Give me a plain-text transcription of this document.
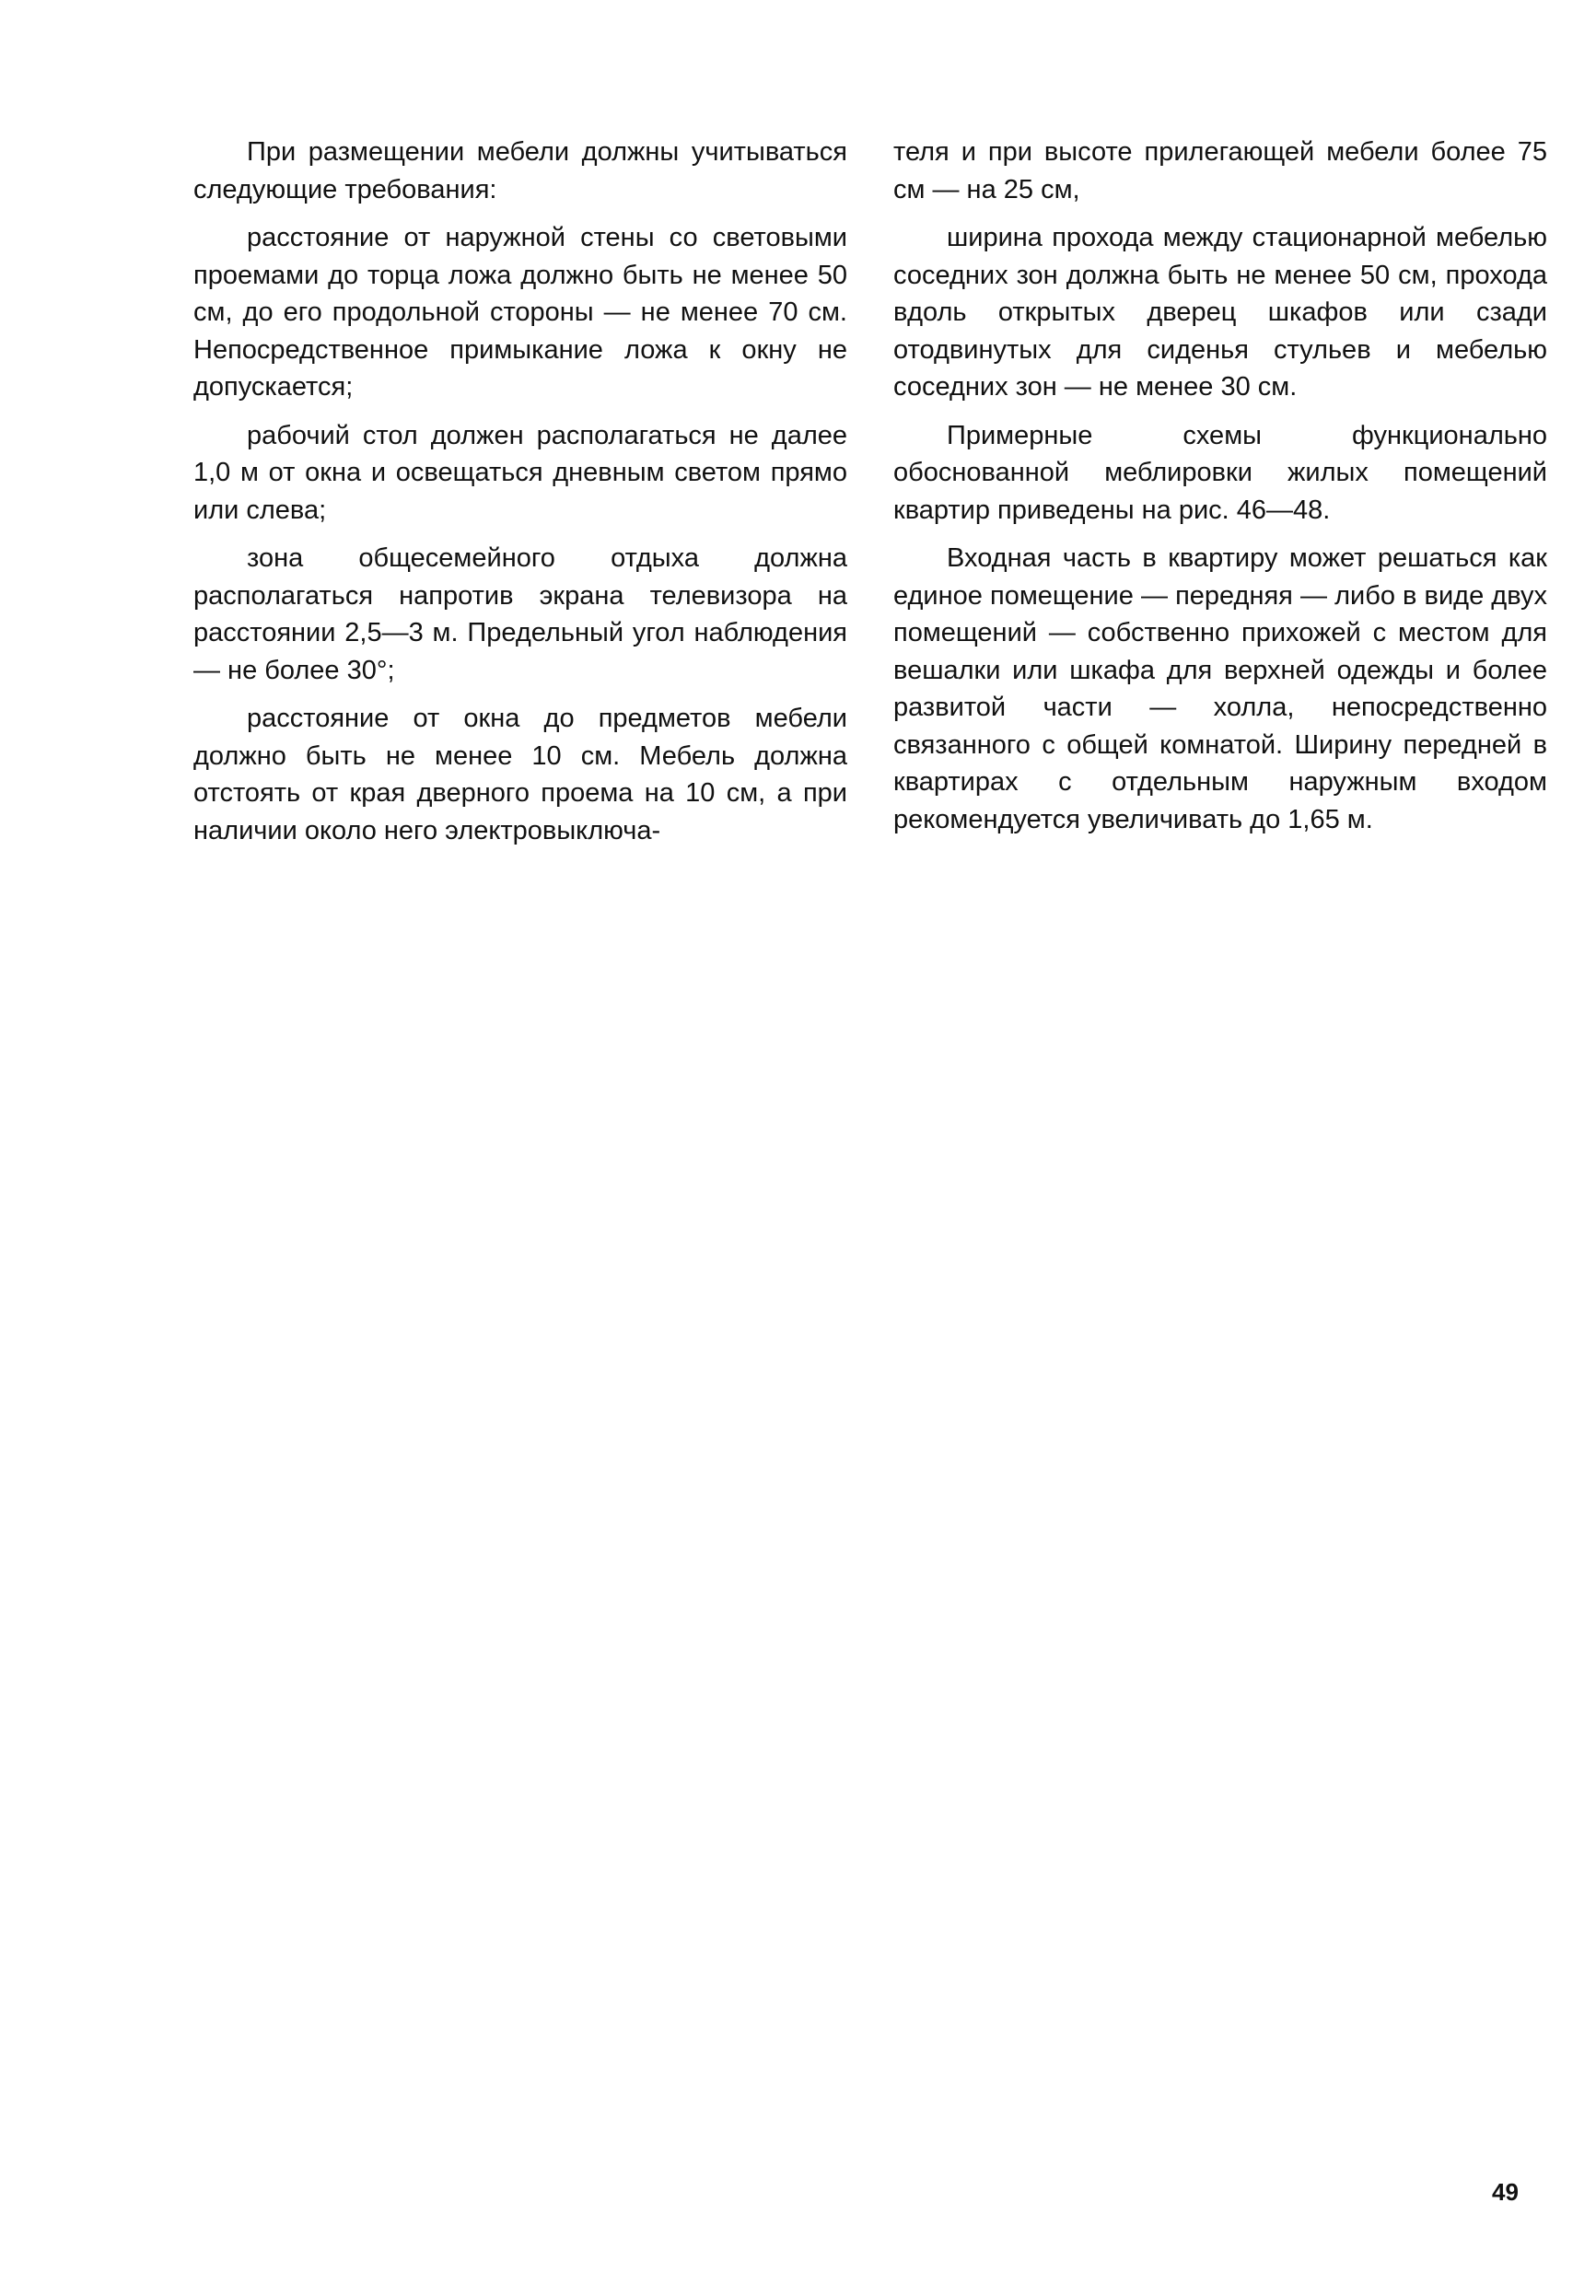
При размещении мебели должны учитываться следующие требования:

расстояние от наружной стены со световыми проемами до торца ложа должно быть не менее 50 см, до его продольной стороны — не менее 70 см. Непосредственное примыкание ложа к окну не допускается;

рабочий стол должен располагаться не далее 1,0 м от окна и освещаться дневным светом прямо или слева;

зона общесемейного отдыха должна располагаться напротив экрана телевизора на расстоянии 2,5—3 м. Предельный угол наблюдения — не более 30°;

расстояние от окна до предметов мебели должно быть не менее 10 см. Мебель должна отстоять от края дверного проема на 10 см, а при наличии около него электровыключа-

теля и при высоте прилегающей мебели более 75 см — на 25 см,

ширина прохода между стационарной мебелью соседних зон должна быть не менее 50 см, прохода вдоль открытых дверец шкафов или сзади отодвинутых для сиденья стульев и мебелью соседних зон — не менее 30 см.

Примерные схемы функционально обоснованной меблировки жилых помещений квартир приведены на рис. 46—48.

Входная часть в квартиру может решаться как единое помещение — передняя — либо в виде двух помещений — собственно прихожей с местом для вешалки или шкафа для верхней одежды и более развитой части — холла, непосредственно связанного с общей комнатой. Ширину передней в квартирах с отдельным наружным входом рекомендуется увеличивать до 1,65 м.

49
